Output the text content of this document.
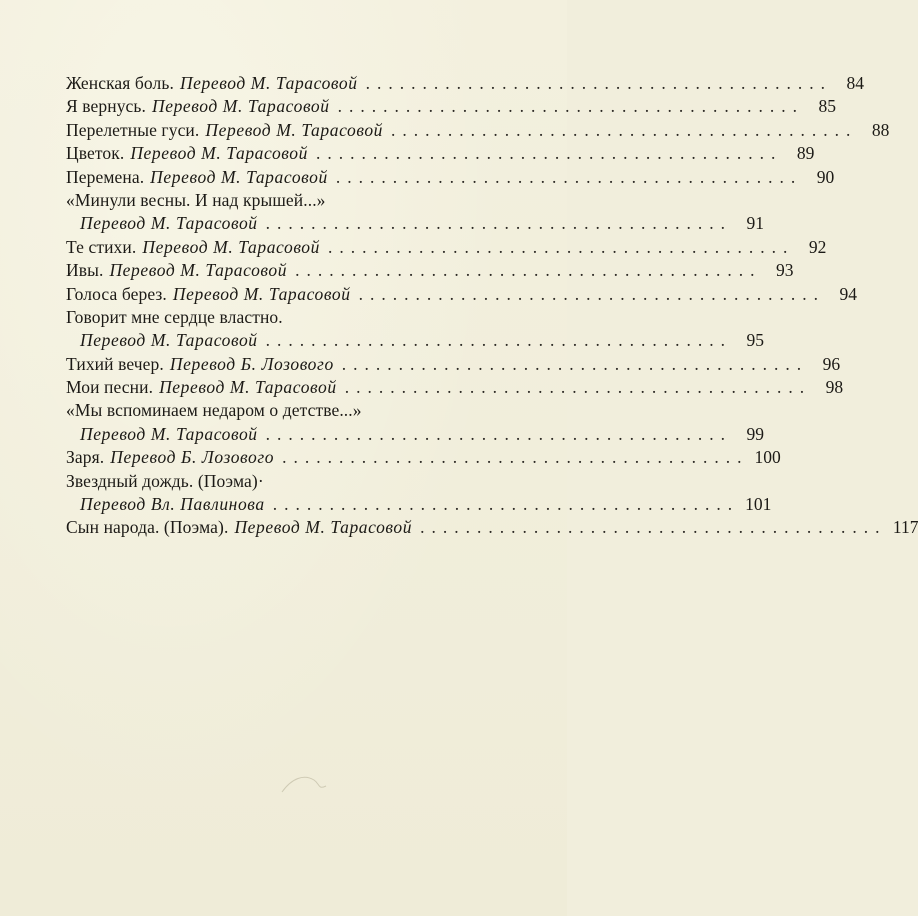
Женская боль. Перевод М. Тарасовой ......................................... 84
Я вернусь. Перевод М. Тарасовой ......................................... 85
Перелетные гуси. Перевод М. Тарасовой ......................................... 88
Цветок. Перевод М. Тарасовой ......................................... 89
Перемена. Перевод М. Тарасовой ......................................... 90
«Минули весны. И над крышей...»
Перевод М. Тарасовой ......................................... 91
Те стихи. Перевод М. Тарасовой ......................................... 92
Ивы. Перевод М. Тарасовой ......................................... 93
Голоса берез. Перевод М. Тарасовой ......................................... 94
Говорит мне сердце властно.
Перевод М. Тарасовой ......................................... 95
Тихий вечер. Перевод Б. Лозового ......................................... 96
Мои песни. Перевод М. Тарасовой ......................................... 98
«Мы вспоминаем недаром о детстве...»
Перевод М. Тарасовой ......................................... 99
Заря. Перевод Б. Лозового ......................................... 100
Звездный дождь. (Поэма)·
Перевод Вл. Павлинова ......................................... 101
Сын народа. (Поэма). Перевод М. Тарасовой ......................................... 117
